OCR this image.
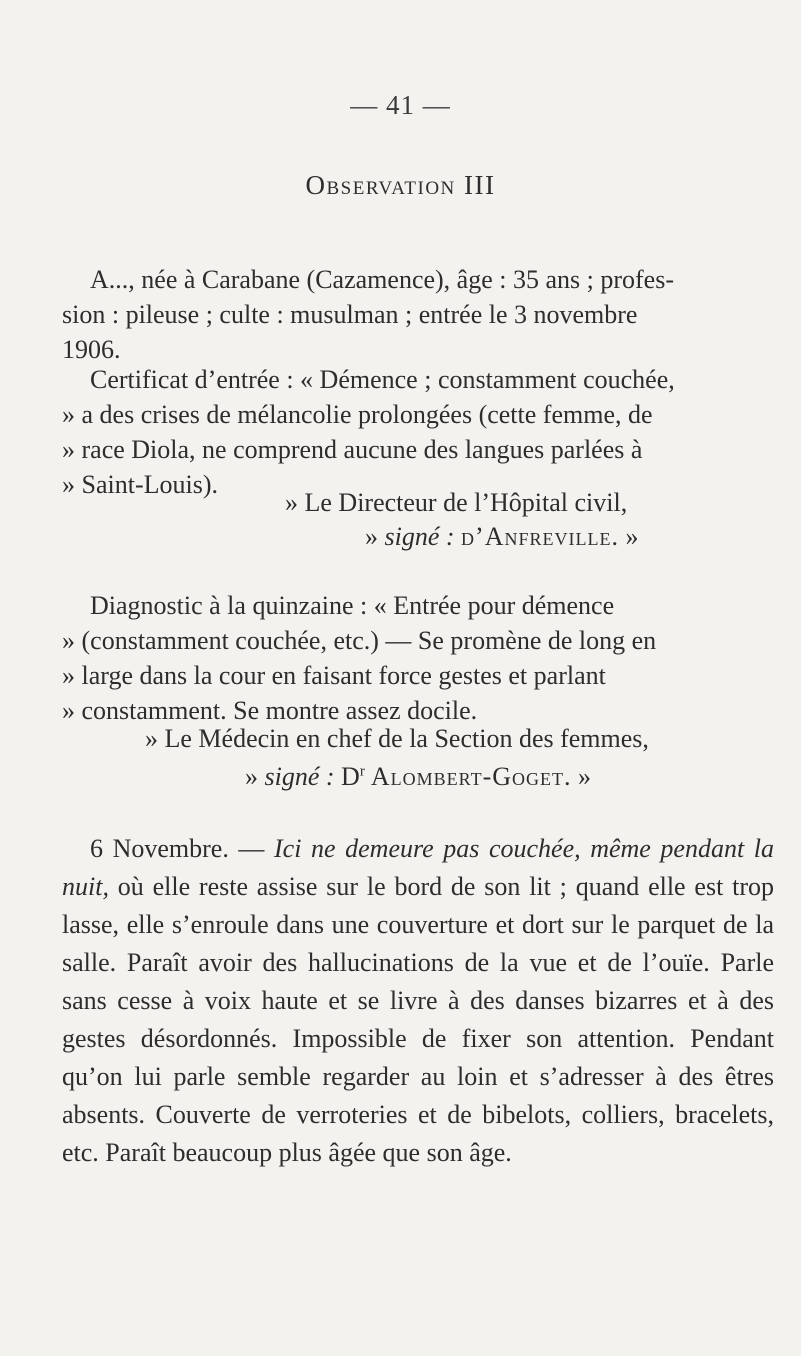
— 41 —
Observation III
A..., née à Carabane (Cazamence), âge : 35 ans ; profes-
sion : pileuse ; culte : musulman ; entrée le 3 novembre
1906.
Certificat d’entrée : « Démence ; constamment couchée,
» a des crises de mélancolie prolongées (cette femme, de
» race Diola, ne comprend aucune des langues parlées à
» Saint-Louis).
» Le Directeur de l’Hôpital civil,
» signé : d’Anfreville. »
Diagnostic à la quinzaine : « Entrée pour démence
» (constamment couchée, etc.) — Se promène de long en
» large dans la cour en faisant force gestes et parlant
» constamment. Se montre assez docile.
» Le Médecin en chef de la Section des femmes,
» signé : $D^r$ Alombert-Goget. »

6 Novembre. — Ici ne demeure pas couchée, même pendant la nuit, où elle reste assise sur le bord de son lit ; quand elle est trop lasse, elle s’enroule dans une couverture et dort sur le parquet de la salle. Paraît avoir des hallucinations de la vue et de l’ouïe. Parle sans cesse à voix haute et se livre à des danses bizarres et à des gestes désordonnés. Impossible de fixer son attention. Pendant qu’on lui parle semble regarder au loin et s’adresser à des êtres absents. Couverte de verroteries et de bibelots, colliers, bracelets, etc. Paraît beaucoup plus âgée que son âge.
